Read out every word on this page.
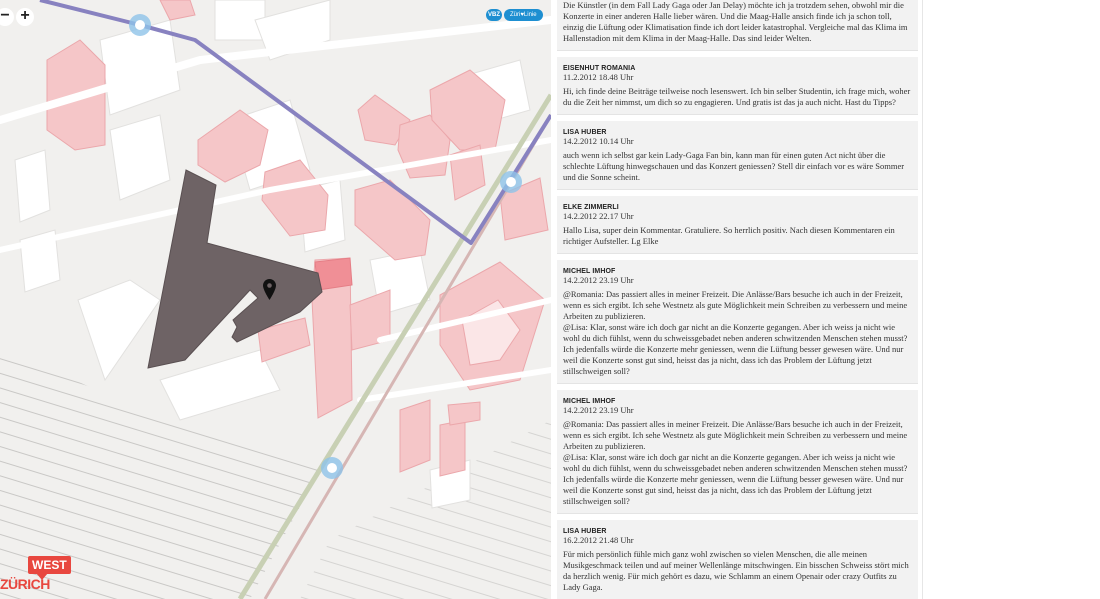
− +	VBZ	Züri♥Linie
WEST
ZÜRICH

Die Künstler (in dem Fall Lady Gaga oder Jan Delay) möchte ich ja trotzdem sehen, obwohl mir die Konzerte in einer anderen Halle lieber wären. Und die Maag-Halle ansich finde ich ja schon toll, einzig die Lüftung oder Klimatisation finde ich dort leider katastrophal. Vergleiche mal das Klima im Hallenstadion mit dem Klima in der Maag-Halle. Das sind leider Welten.

EISENHUT ROMANIA
11.2.2012 18.48 Uhr

Hi, ich finde deine Beiträge teilweise noch lesenswert. Ich bin selber Studentin, ich frage mich, woher du die Zeit her nimmst, um dich so zu engagieren. Und gratis ist das ja auch nicht. Hast du Tipps?

LISA HUBER
14.2.2012 10.14 Uhr

auch wenn ich selbst gar kein Lady-Gaga Fan bin, kann man für einen guten Act nicht über die schlechte Lüftung hinwegschauen und das Konzert geniessen? Stell dir einfach vor es wäre Sommer und die Sonne scheint.

ELKE ZIMMERLI
14.2.2012 22.17 Uhr

Hallo Lisa, super dein Kommentar. Gratuliere. So herrlich positiv. Nach diesen Kommentaren ein richtiger Aufsteller. Lg Elke

MICHEL IMHOF
14.2.2012 23.19 Uhr

@Romania: Das passiert alles in meiner Freizeit. Die Anlässe/Bars besuche ich auch in der Freizeit, wenn es sich ergibt. Ich sehe Westnetz als gute Möglichkeit mein Schreiben zu verbessern und meine Arbeiten zu publizieren.

@Lisa: Klar, sonst wäre ich doch gar nicht an die Konzerte gegangen. Aber ich weiss ja nicht wie wohl du dich fühlst, wenn du schweissgebadet neben anderen schwitzenden Menschen stehen musst? Ich jedenfalls würde die Konzerte mehr geniessen, wenn die Lüftung besser gewesen wäre. Und nur weil die Konzerte sonst gut sind, heisst das ja nicht, dass ich das Problem der Lüftung jetzt stillschweigen soll?

MICHEL IMHOF
14.2.2012 23.19 Uhr

@Romania: Das passiert alles in meiner Freizeit. Die Anlässe/Bars besuche ich auch in der Freizeit, wenn es sich ergibt. Ich sehe Westnetz als gute Möglichkeit mein Schreiben zu verbessern und meine Arbeiten zu publizieren.

@Lisa: Klar, sonst wäre ich doch gar nicht an die Konzerte gegangen. Aber ich weiss ja nicht wie wohl du dich fühlst, wenn du schweissgebadet neben anderen schwitzenden Menschen stehen musst? Ich jedenfalls würde die Konzerte mehr geniessen, wenn die Lüftung besser gewesen wäre. Und nur weil die Konzerte sonst gut sind, heisst das ja nicht, dass ich das Problem der Lüftung jetzt stillschweigen soll?

LISA HUBER
16.2.2012 21.48 Uhr

Für mich persönlich fühle mich ganz wohl zwischen so vielen Menschen, die alle meinen Musikgeschmack teilen und auf meiner Wellenlänge mitschwingen. Ein bisschen Schweiss stört mich da herzlich wenig. Für mich gehört es dazu, wie Schlamm an einem Openair oder crazy Outfits zu Lady Gaga.
